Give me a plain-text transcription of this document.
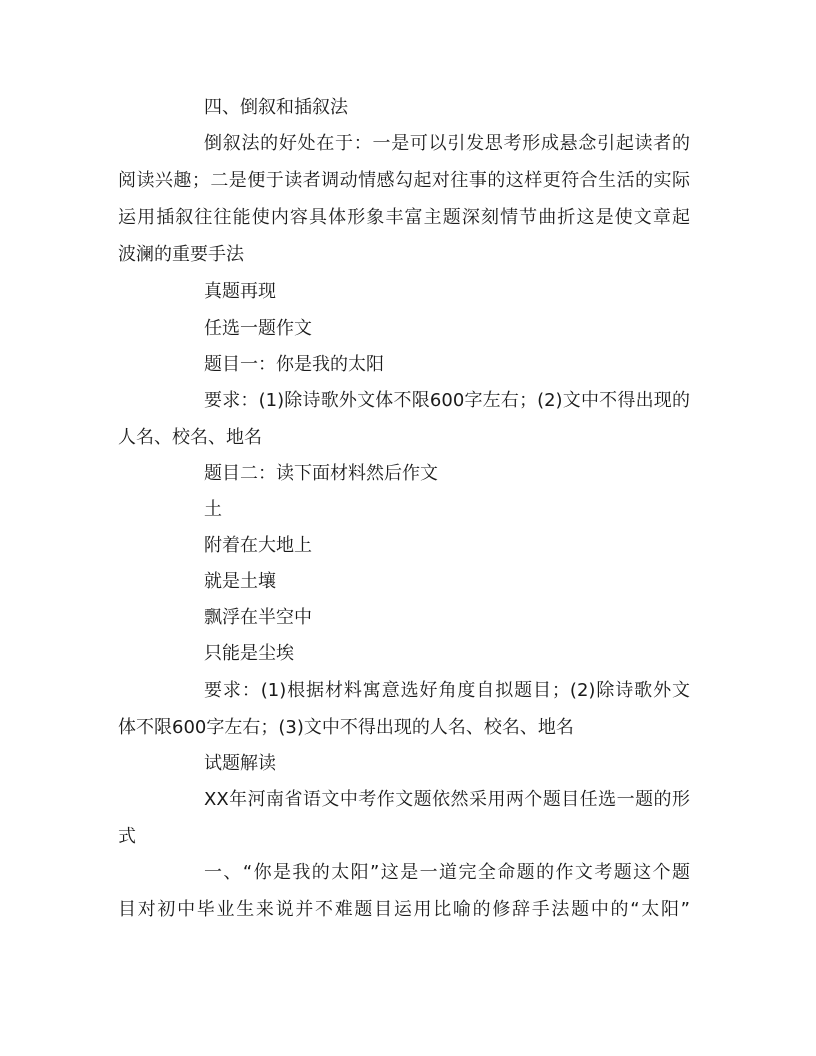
四、倒叙和插叙法
倒叙法的好处在于：一是可以引发思考形成悬念引起读者的
阅读兴趣；二是便于读者调动情感勾起对往事的这样更符合生活的实际
运用插叙往往能使内容具体形象丰富主题深刻情节曲折这是使文章起
波澜的重要手法
真题再现
任选一题作文
题目一：你是我的太阳
要求：(1)除诗歌外文体不限600字左右；(2)文中不得出现的
人名、校名、地名
题目二：读下面材料然后作文
土
附着在大地上
就是土壤
飘浮在半空中
只能是尘埃
要求：(1)根据材料寓意选好角度自拟题目；(2)除诗歌外文
体不限600字左右；(3)文中不得出现的人名、校名、地名
试题解读
XX年河南省语文中考作文题依然采用两个题目任选一题的形
式
一、“你是我的太阳”这是一道完全命题的作文考题这个题
目对初中毕业生来说并不难题目运用比喻的修辞手法题中的“太阳”
